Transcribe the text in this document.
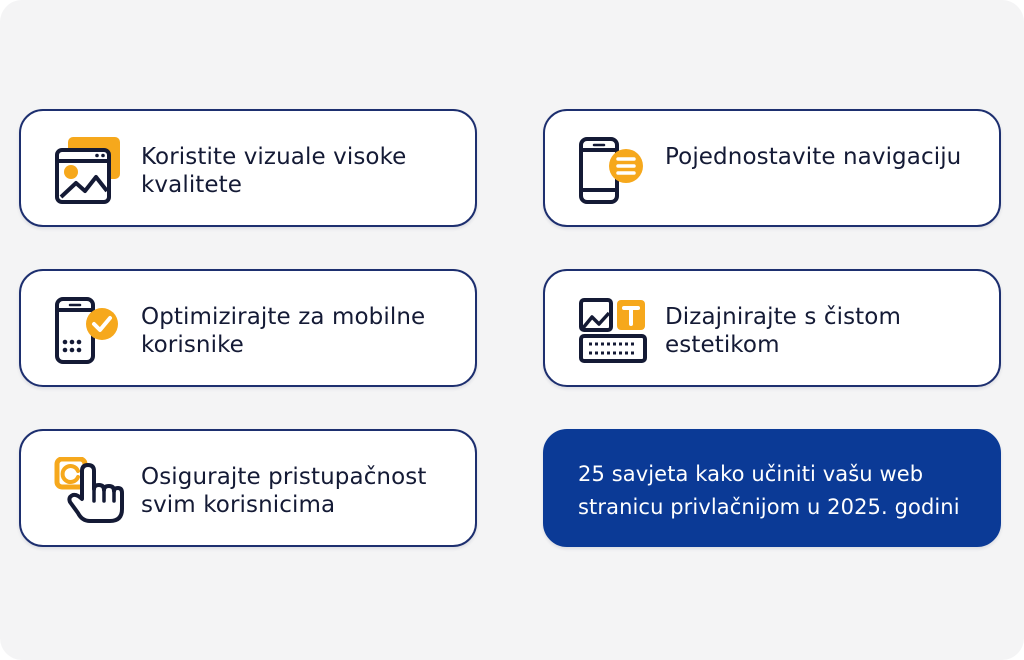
Koristite vizuale visoke kvalitete
Pojednostavite navigaciju
Optimizirajte za mobilne korisnike
Dizajnirajte s čistom estetikom
Osigurajte pristupačnost svim korisnicima
25 savjeta kako učiniti vašu web stranicu privlačnijom u 2025. godini
